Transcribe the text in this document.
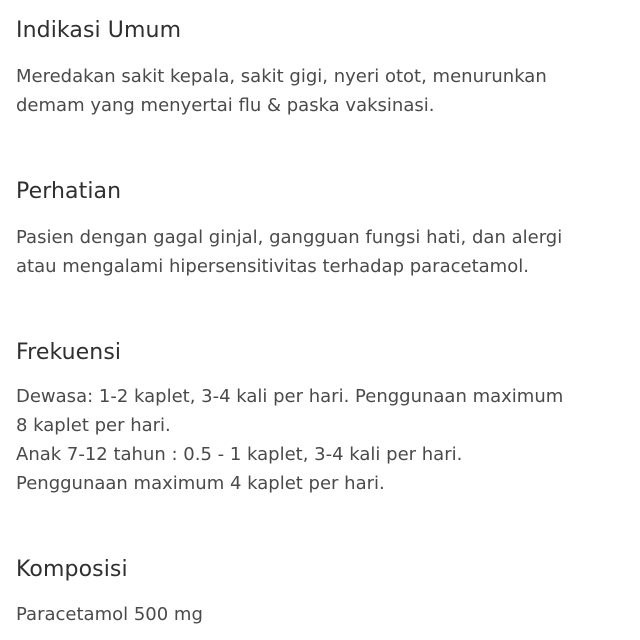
Indikasi Umum
Meredakan sakit kepala, sakit gigi, nyeri otot, menurunkan
demam yang menyertai flu & paska vaksinasi.
Perhatian
Pasien dengan gagal ginjal, gangguan fungsi hati, dan alergi
atau mengalami hipersensitivitas terhadap paracetamol.
Frekuensi
Dewasa: 1-2 kaplet, 3-4 kali per hari. Penggunaan maximum
8 kaplet per hari.
Anak 7-12 tahun : 0.5 - 1 kaplet, 3-4 kali per hari.
Penggunaan maximum 4 kaplet per hari.
Komposisi
Paracetamol 500 mg
